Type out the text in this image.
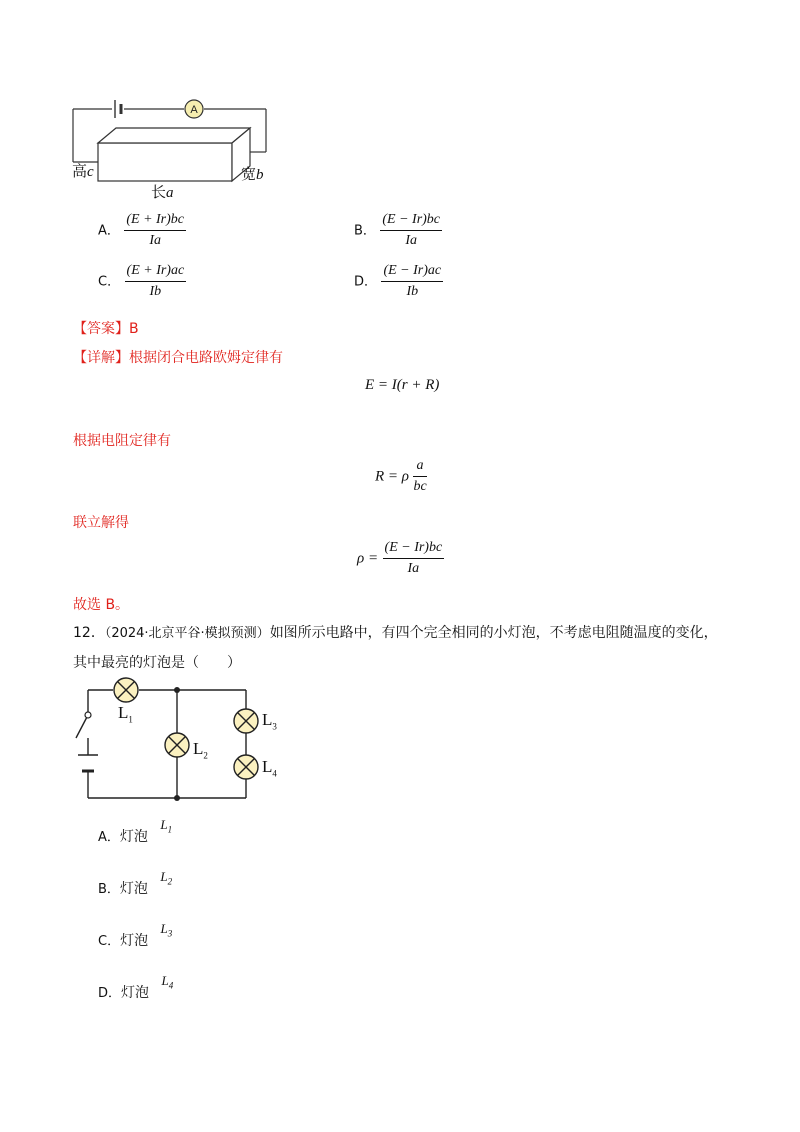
A
高c
长a
宽b
A． $\frac{(E + Ir)bc}{Ia}$	B． $\frac{(E - Ir)bc}{Ia}$
C． $\frac{(E + Ir)ac}{Ib}$	D． $\frac{(E - Ir)ac}{Ib}$
【答案】B
【详解】根据闭合电路欧姆定律有
E = I(r + R)
根据电阻定律有
R = ρ $\frac{a}{bc}$
联立解得
$\rho = \frac{(E - Ir)bc}{Ia}$
故选 B。
12．（2024·北京平谷·模拟预测）如图所示电路中，有四个完全相同的小灯泡，不考虑电阻随温度的变化，
其中最亮的灯泡是（　　）
$L_1$
$L_2$
$L_3$
$L_4$
A．灯泡 $L_1$
B．灯泡 $L_2$
C．灯泡 $L_3$
D．灯泡 $L_4$
